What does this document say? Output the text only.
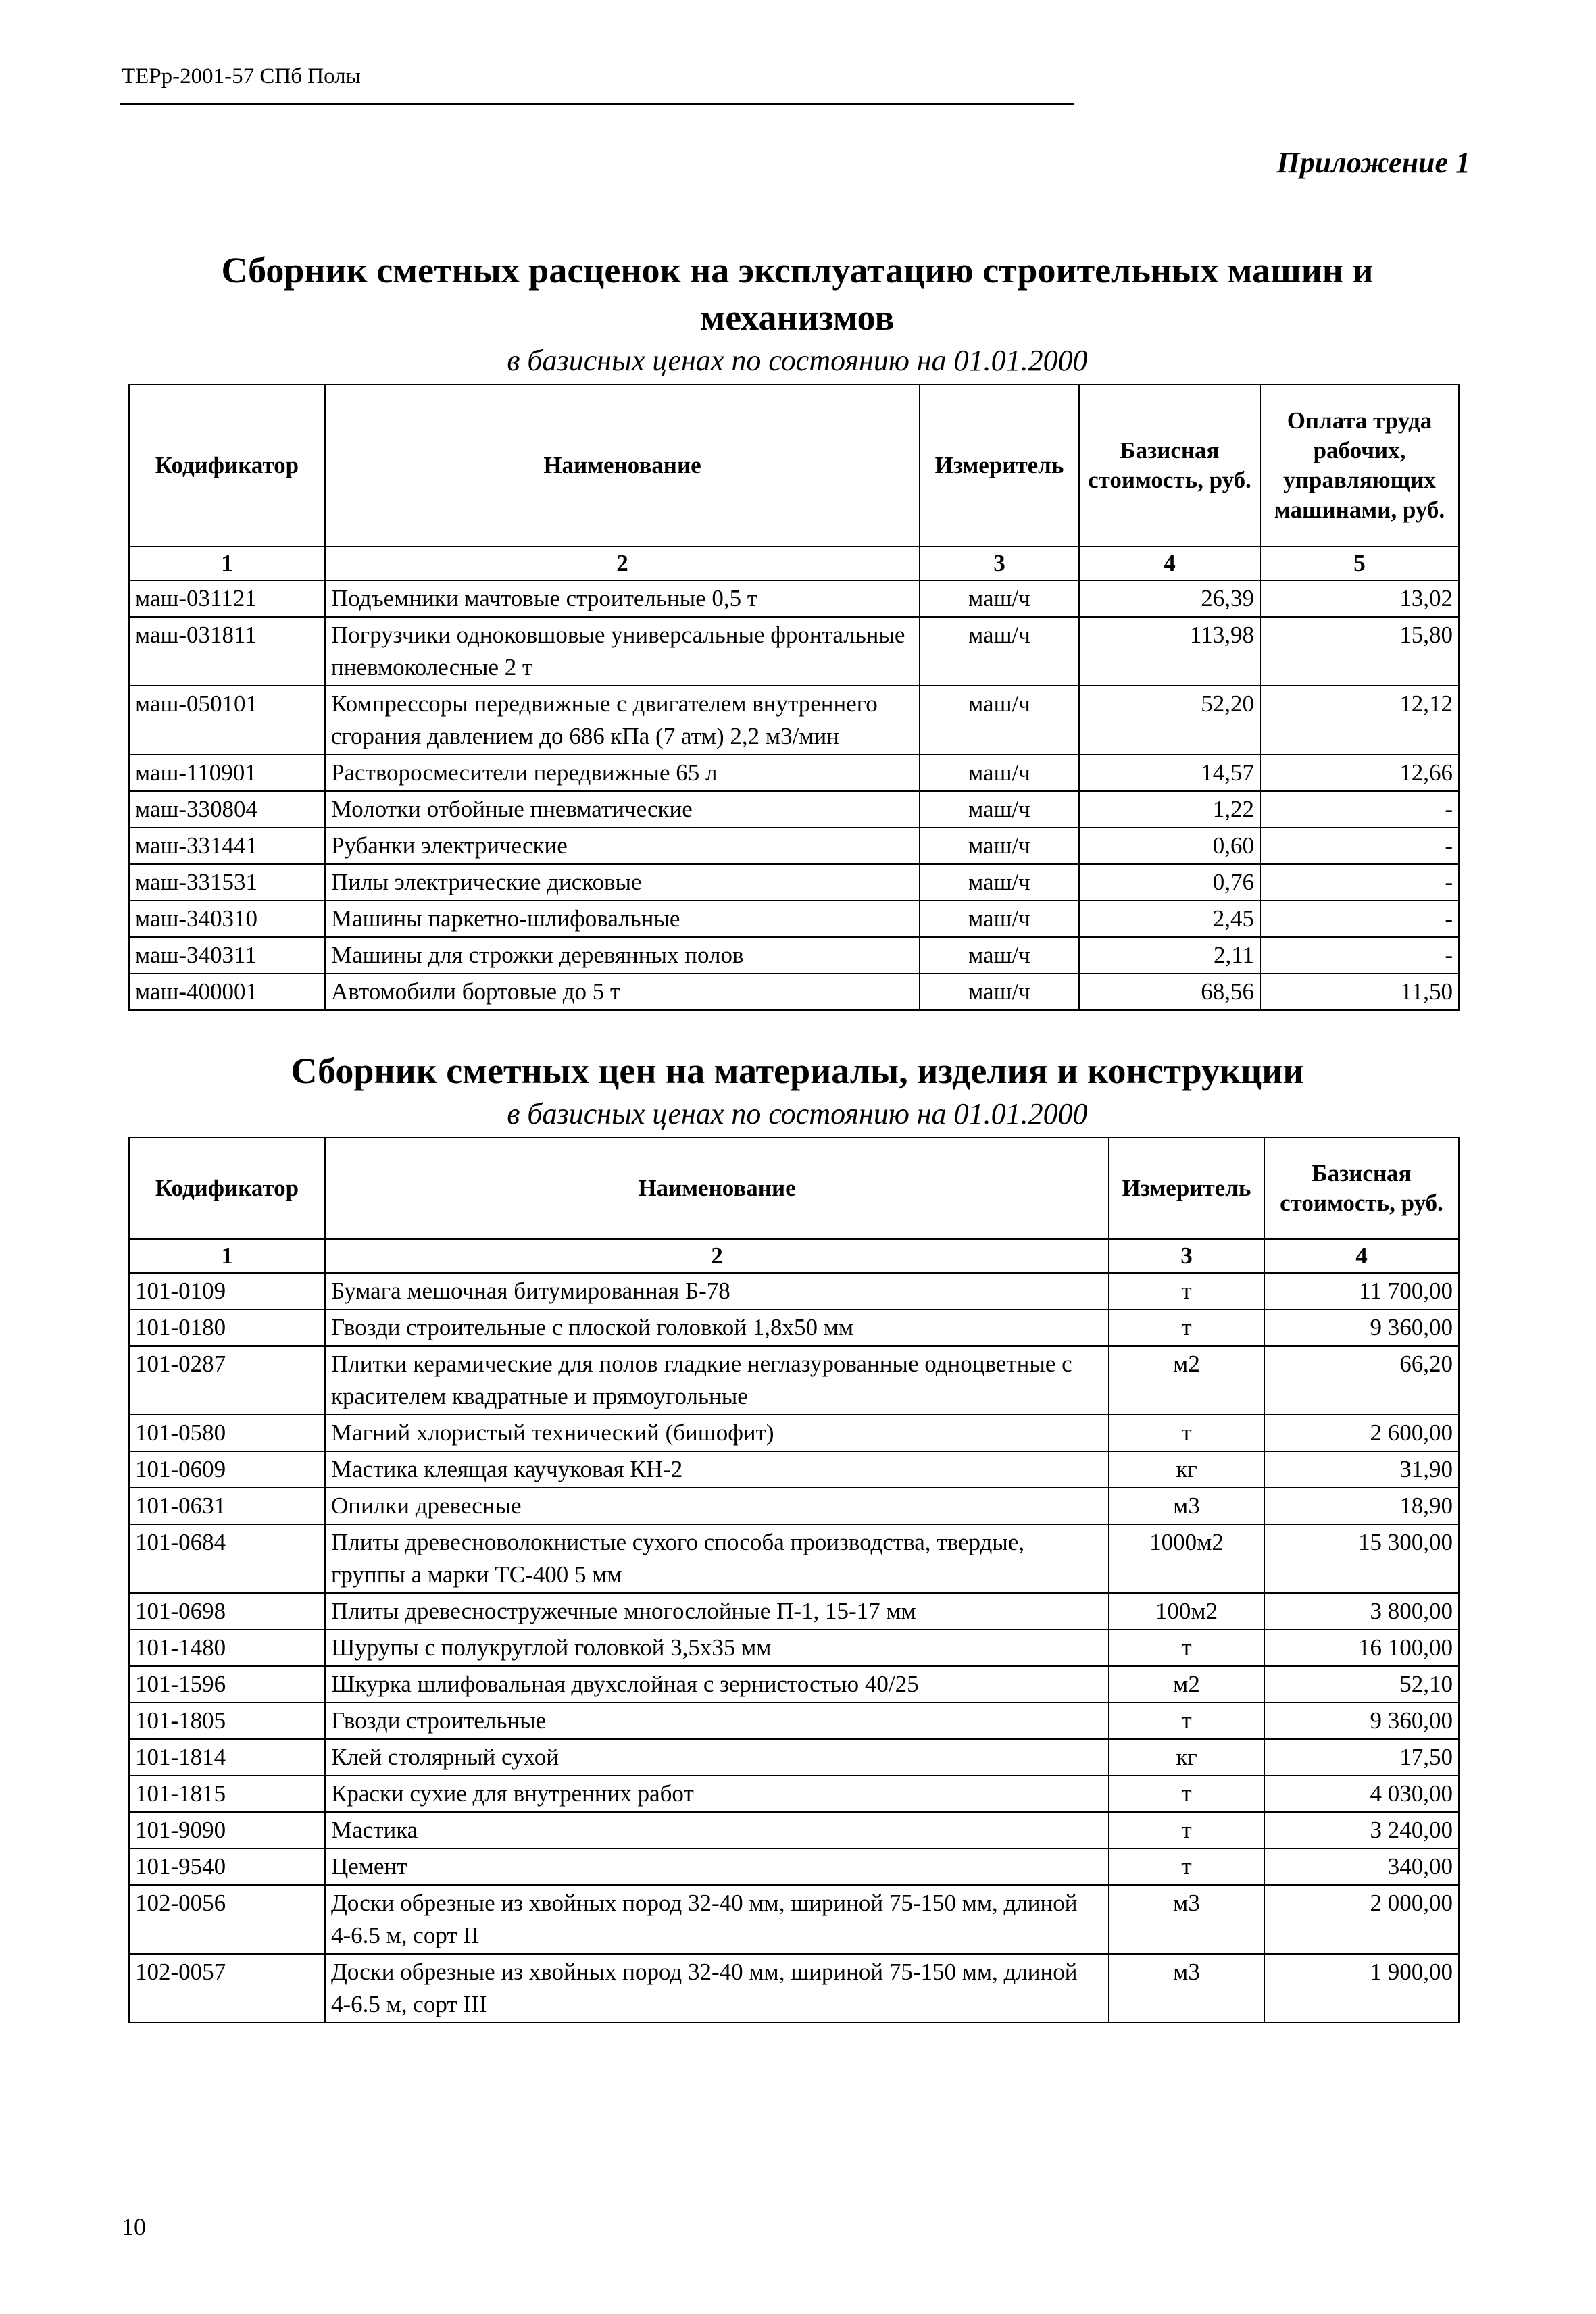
ТЕРр-2001-57 СПб Полы
Приложение 1
Сборник сметных расценок на эксплуатацию строительных машин и механизмов
в базисных ценах по состоянию на 01.01.2000
Кодификатор	Наименование	Измеритель	Базисная стоимость, руб.	Оплата труда рабочих, управляющих машинами, руб.
1	2	3	4	5
маш-031121	Подъемники мачтовые строительные 0,5 т	маш/ч	26,39	13,02
маш-031811	Погрузчики одноковшовые универсальные фронтальные пневмоколесные 2 т	маш/ч	113,98	15,80
маш-050101	Компрессоры передвижные с двигателем внутреннего сгорания давлением до 686 кПа (7 атм) 2,2 м3/мин	маш/ч	52,20	12,12
маш-110901	Растворосмесители передвижные 65 л	маш/ч	14,57	12,66
маш-330804	Молотки отбойные пневматические	маш/ч	1,22	-
маш-331441	Рубанки электрические	маш/ч	0,60	-
маш-331531	Пилы электрические дисковые	маш/ч	0,76	-
маш-340310	Машины паркетно-шлифовальные	маш/ч	2,45	-
маш-340311	Машины для строжки деревянных полов	маш/ч	2,11	-
маш-400001	Автомобили бортовые до 5 т	маш/ч	68,56	11,50
Сборник сметных цен на материалы, изделия и конструкции
в базисных ценах по состоянию на 01.01.2000
Кодификатор	Наименование	Измеритель	Базисная стоимость, руб.
1	2	3	4
101-0109	Бумага мешочная битумированная Б-78	т	11 700,00
101-0180	Гвозди строительные с плоской головкой 1,8х50 мм	т	9 360,00
101-0287	Плитки керамические для полов гладкие неглазурованные одноцветные с красителем квадратные и прямоугольные	м2	66,20
101-0580	Магний хлористый технический (бишофит)	т	2 600,00
101-0609	Мастика клеящая каучуковая КН-2	кг	31,90
101-0631	Опилки древесные	м3	18,90
101-0684	Плиты древесноволокнистые сухого способа производства, твердые, группы а марки ТС-400 5 мм	1000м2	15 300,00
101-0698	Плиты древесностружечные многослойные П-1, 15-17 мм	100м2	3 800,00
101-1480	Шурупы с полукруглой головкой 3,5х35 мм	т	16 100,00
101-1596	Шкурка шлифовальная двухслойная с зернистостью 40/25	м2	52,10
101-1805	Гвозди строительные	т	9 360,00
101-1814	Клей столярный сухой	кг	17,50
101-1815	Краски сухие для внутренних работ	т	4 030,00
101-9090	Мастика	т	3 240,00
101-9540	Цемент	т	340,00
102-0056	Доски обрезные из хвойных пород 32-40 мм, шириной 75-150 мм, длиной 4-6.5 м, сорт II	м3	2 000,00
102-0057	Доски обрезные из хвойных пород 32-40 мм, шириной 75-150 мм, длиной 4-6.5 м, сорт III	м3	1 900,00
10
